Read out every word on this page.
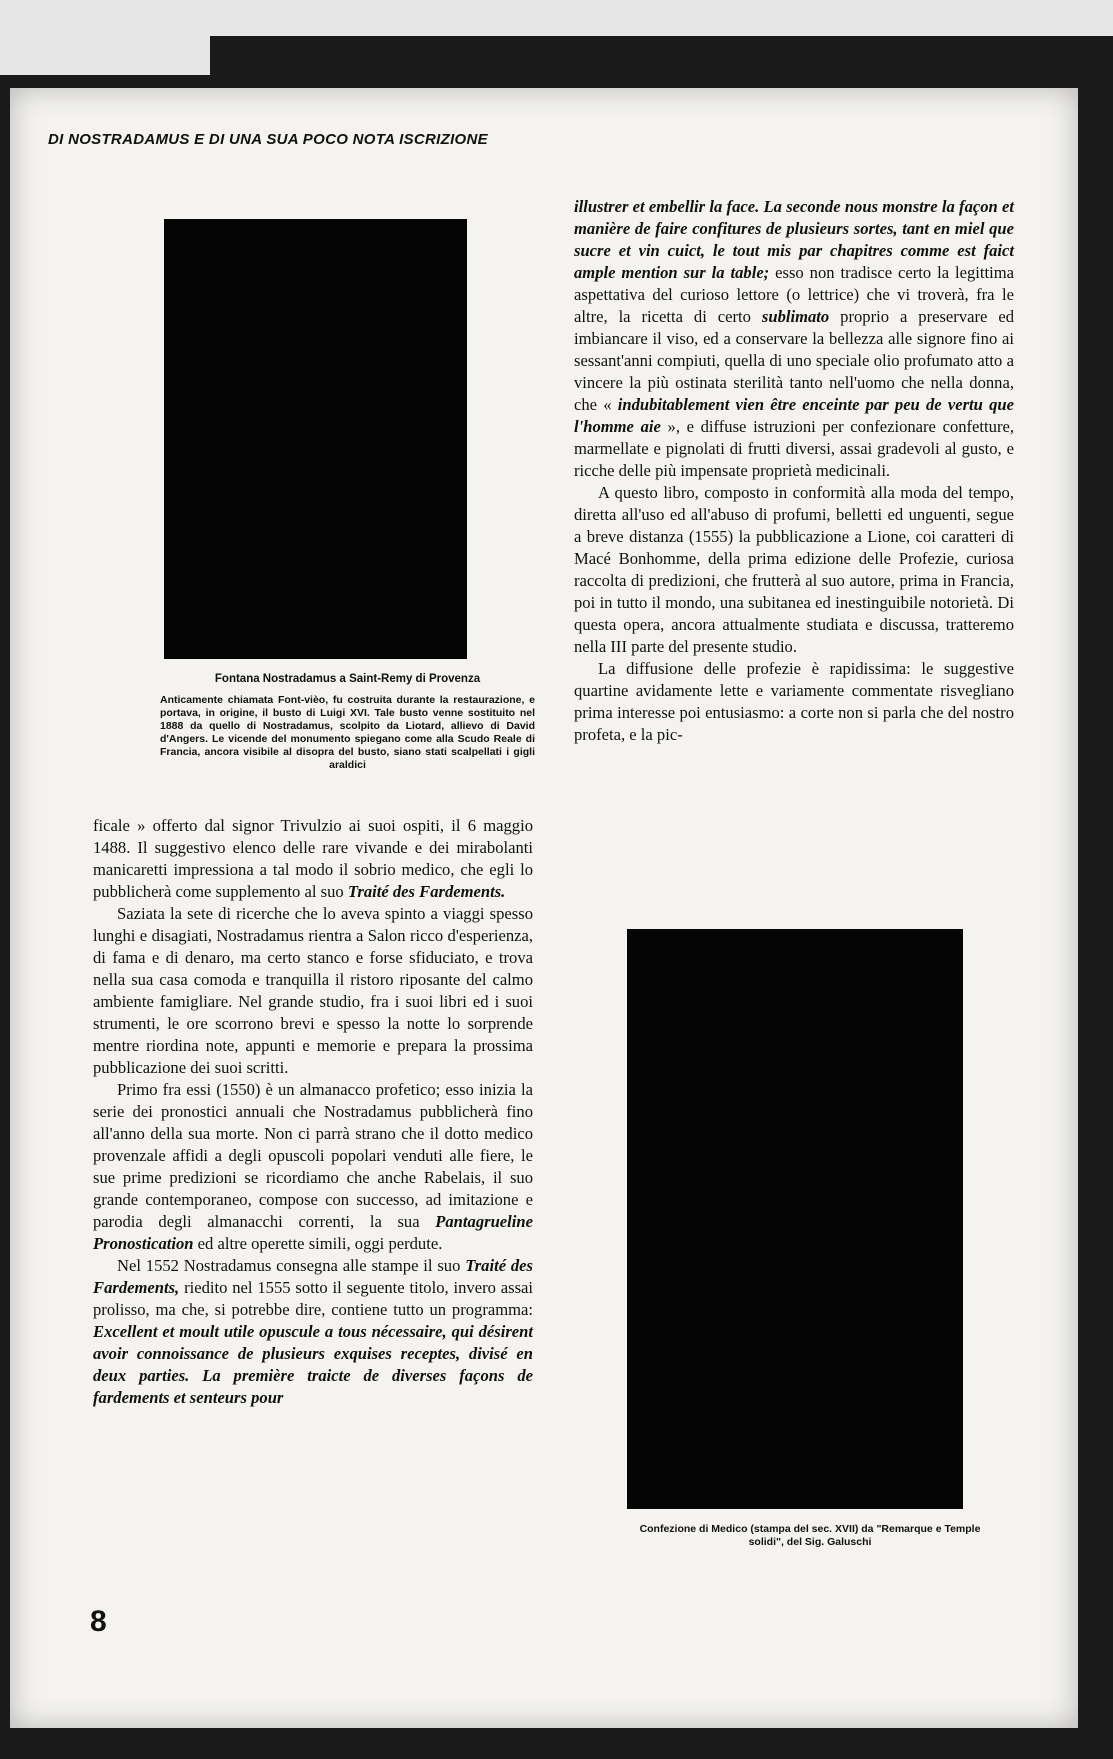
DI NOSTRADAMUS E DI UNA SUA POCO NOTA ISCRIZIONE
Fontana Nostradamus a Saint-Remy di Provenza
Anticamente chiamata Font-vièo, fu costruita durante la restaurazione, e portava, in origine, il busto di Luigi XVI. Tale busto venne sostituito nel 1888 da quello di Nostradamus, scolpito da Liotard, allievo di David d'Angers. Le vicende del monumento spiegano come alla Scudo Reale di Francia, ancora visibile al disopra del busto, siano stati scalpellati i gigli araldici

ficale » offerto dal signor Trivulzio ai suoi ospiti, il 6 maggio 1488. Il suggestivo elenco delle rare vivande e dei mirabolanti manicaretti impressiona a tal modo il sobrio medico, che egli lo pubblicherà come supplemento al suo Traité des Fardements.

Saziata la sete di ricerche che lo aveva spinto a viaggi spesso lunghi e disagiati, Nostradamus rientra a Salon ricco d'esperienza, di fama e di denaro, ma certo stanco e forse sfiduciato, e trova nella sua casa comoda e tranquilla il ristoro riposante del calmo ambiente famigliare. Nel grande studio, fra i suoi libri ed i suoi strumenti, le ore scorrono brevi e spesso la notte lo sorprende mentre riordina note, appunti e memorie e prepara la prossima pubblicazione dei suoi scritti.

Primo fra essi (1550) è un almanacco profetico; esso inizia la serie dei pronostici annuali che Nostradamus pubblicherà fino all'anno della sua morte. Non ci parrà strano che il dotto medico provenzale affidi a degli opuscoli popolari venduti alle fiere, le sue prime predizioni se ricordiamo che anche Rabelais, il suo grande contemporaneo, compose con successo, ad imitazione e parodia degli almanacchi correnti, la sua Pantagrueline Pronostication ed altre operette simili, oggi perdute.

Nel 1552 Nostradamus consegna alle stampe il suo Traité des Fardements, riedito nel 1555 sotto il seguente titolo, invero assai prolisso, ma che, si potrebbe dire, contiene tutto un programma: Excellent et moult utile opuscule a tous nécessaire, qui désirent avoir connoissance de plusieurs exquises receptes, divisé en deux parties. La première traicte de diverses façons de fardements et senteurs pour

illustrer et embellir la face. La seconde nous monstre la façon et manière de faire confitures de plusieurs sortes, tant en miel que sucre et vin cuict, le tout mis par chapitres comme est faict ample mention sur la table; esso non tradisce certo la legittima aspettativa del curioso lettore (o lettrice) che vi troverà, fra le altre, la ricetta di certo sublimato proprio a preservare ed imbiancare il viso, ed a conservare la bellezza alle signore fino ai sessant'anni compiuti, quella di uno speciale olio profumato atto a vincere la più ostinata sterilità tanto nell'uomo che nella donna, che « indubitablement vien être enceinte par peu de vertu que l'homme aie », e diffuse istruzioni per confezionare confetture, marmellate e pignolati di frutti diversi, assai gradevoli al gusto, e ricche delle più impensate proprietà medicinali.

A questo libro, composto in conformità alla moda del tempo, diretta all'uso ed all'abuso di profumi, belletti ed unguenti, segue a breve distanza (1555) la pubblicazione a Lione, coi caratteri di Macé Bonhomme, della prima edizione delle Profezie, curiosa raccolta di predizioni, che frutterà al suo autore, prima in Francia, poi in tutto il mondo, una subitanea ed inestinguibile notorietà. Di questa opera, ancora attualmente studiata e discussa, tratteremo nella III parte del presente studio.

La diffusione delle profezie è rapidissima: le suggestive quartine avidamente lette e variamente commentate risvegliano prima interesse poi entusiasmo: a corte non si parla che del nostro profeta, e la pic-

Confezione di Medico (stampa del sec. XVII) da "Remarque e Temple solidi", del Sig. Galuschi
8
